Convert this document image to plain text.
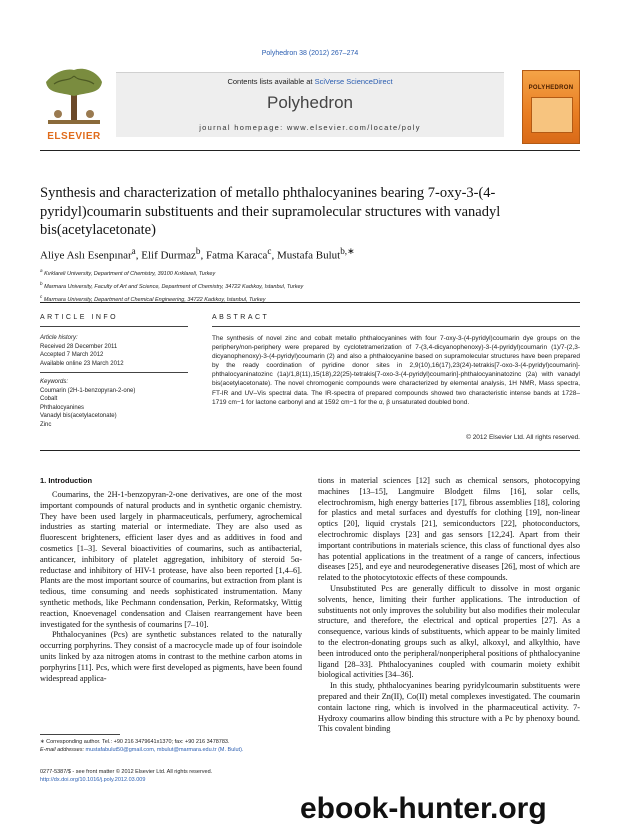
Polyhedron 38 (2012) 267–274
ELSEVIER
Contents lists available at SciVerse ScienceDirect
Polyhedron
journal homepage: www.elsevier.com/locate/poly
POLYHEDRON
Synthesis and characterization of metallo phthalocyanines bearing 7-oxy-3-(4-pyridyl)coumarin substituents and their supramolecular structures with vanadyl bis(acetylacetonate)
Aliye Aslı Esenpınar$^a$, Elif Durmaz$^b$, Fatma Karaca$^c$, Mustafa Bulut$^{b,∗}$
$^a$ Kırklareli University, Department of Chemistry, 39100 Kırklareli, Turkey
$^b$ Marmara University, Faculty of Art and Science, Department of Chemistry, 34722 Kadıkoy, Istanbul, Turkey
$^c$ Marmara University, Department of Chemical Engineering, 34722 Kadıkoy, Istanbul, Turkey
ARTICLE INFO
Article history:
Received 28 December 2011
Accepted 7 March 2012
Available online 23 March 2012
Keywords:
Coumarin (2H-1-benzopyran-2-one)
Cobalt
Phthalocyanines
Vanadyl bis(acetylacetonate)
Zinc
ABSTRACT
The synthesis of novel zinc and cobalt metallo phthalocyanines with four 7-oxy-3-(4-pyridyl)coumarin dye groups on the periphery/non-periphery were prepared by cyclotetramerization of 7-(3,4-dicyanophenoxy)-3-(4-pyridyl)coumarin (1)/7-(2,3-dicyanophenoxy)-3-(4-pyridyl)coumarin (2) and also a phthalocyanine based on supramolecular structures have been prepared by the ready coordination of pyridine donor sites in 2,9(10),16(17),23(24)-tetrakis[7-oxo-3-(4-pyridyl)coumarin]-phthalocyaninatozinc (1a)/1,8(11),15(18),22(25)-tetrakis[7-oxo-3-(4-pyridyl)coumarin]-phthalocyaninatozinc (2a) with vanadyl bis(acetylacetonate). The novel chromogenic compounds were characterized by elemental analysis, 1H NMR, Mass spectra, FT-IR and UV–Vis spectral data. The IR-spectra of prepared compounds showed two characteristic intense bands at 1728–1719 cm−1 for lactone carbonyl and at 1592 cm−1 for the α, β unsaturated doubled bond.
© 2012 Elsevier Ltd. All rights reserved.
1. Introduction

Coumarins, the 2H-1-benzopyran-2-one derivatives, are one of the most important compounds of natural products and in synthetic organic chemistry. They have been used largely in pharmaceuticals, perfumery, agrochemical industries as starting material or intermediate. They are also used as fluorescent brighteners, efficient laser dyes and as additives in food and cosmetics [1–3]. Several bioactivities of coumarins, such as antibacterial, anticancer, inhibitory of platelet aggregation, inhibitory of steroid 5α-reductase and inhibitory of HIV-1 protease, have also been reported [1,4–6]. Plants are the most important source of coumarins, but extraction from plant is tedious, time consuming and needs sophisticated instrumentation. Many synthetic methods, like Pechmann condensation, Perkin, Reformatsky, Wittig reaction, Knoevenagel condensation and Claisen rearrangement have been investigated for the synthesis of coumarins [7–10].

Phthalocyanines (Pcs) are synthetic substances related to the naturally occurring porphyrins. They consist of a macrocycle made up of four isoindole units linked by aza nitrogen atoms in contrast to the methine carbon atoms in porphyrins [11]. Pcs, which were first developed as pigments, have been found widespread applica-

tions in material sciences [12] such as chemical sensors, photocopying machines [13–15], Langmuire Blodgett films [16], solar cells, electrochromism, high energy batteries [17], fibrous assemblies [18], coloring for plastics and metal surfaces and dyestuffs for clothing [19], non-linear optics [20], liquid crystals [21], semiconductors [22], photoconductors, electrochromic displays [23] and gas sensors [12,24]. Apart from their important contributions in materials science, this class of functional dyes also has potential applications in the treatment of a range of cancers, infectious diseases [25], and eye and neurodegenerative diseases [26], most of which are related to the photocytotoxic effects of these compounds.

Unsubstituted Pcs are generally difficult to dissolve in most organic solvents, hence, limiting their further applications. The introduction of substituents not only improves the solubility but also modifies their molecular structure, and therefore, the electrical and optical properties [27]. As a consequence, various kinds of substituents, which appear to be mainly limited to the electron-donating groups such as alkyl, alkoxyl, and alkylthio, have been introduced onto the peripheral/nonperipheral positions of phthalocyanine ligand [28–33]. Phthalocyanines coupled with coumarin moiety exhibit biological activities [34–36].

In this study, phthalocyanines bearing pyridylcoumarin substituents were prepared and their Zn(II), Co(II) metal complexes investigated. The coumarin contain lactone ring, which is involved in the pharmaceutical activity. 7-Hydroxy coumarins allow binding this structure with a Pc by phenoxy bound. This covalent binding

∗ Corresponding author. Tel.: +90 216 3479641x1370; fax: +90 216 3478783.
E-mail addresses: mustafabulut50@gmail.com, mbulut@marmara.edu.tr (M. Bulut).
0277-5387/$ - see front matter © 2012 Elsevier Ltd. All rights reserved.
http://dx.doi.org/10.1016/j.poly.2012.03.009
ebook-hunter.org
